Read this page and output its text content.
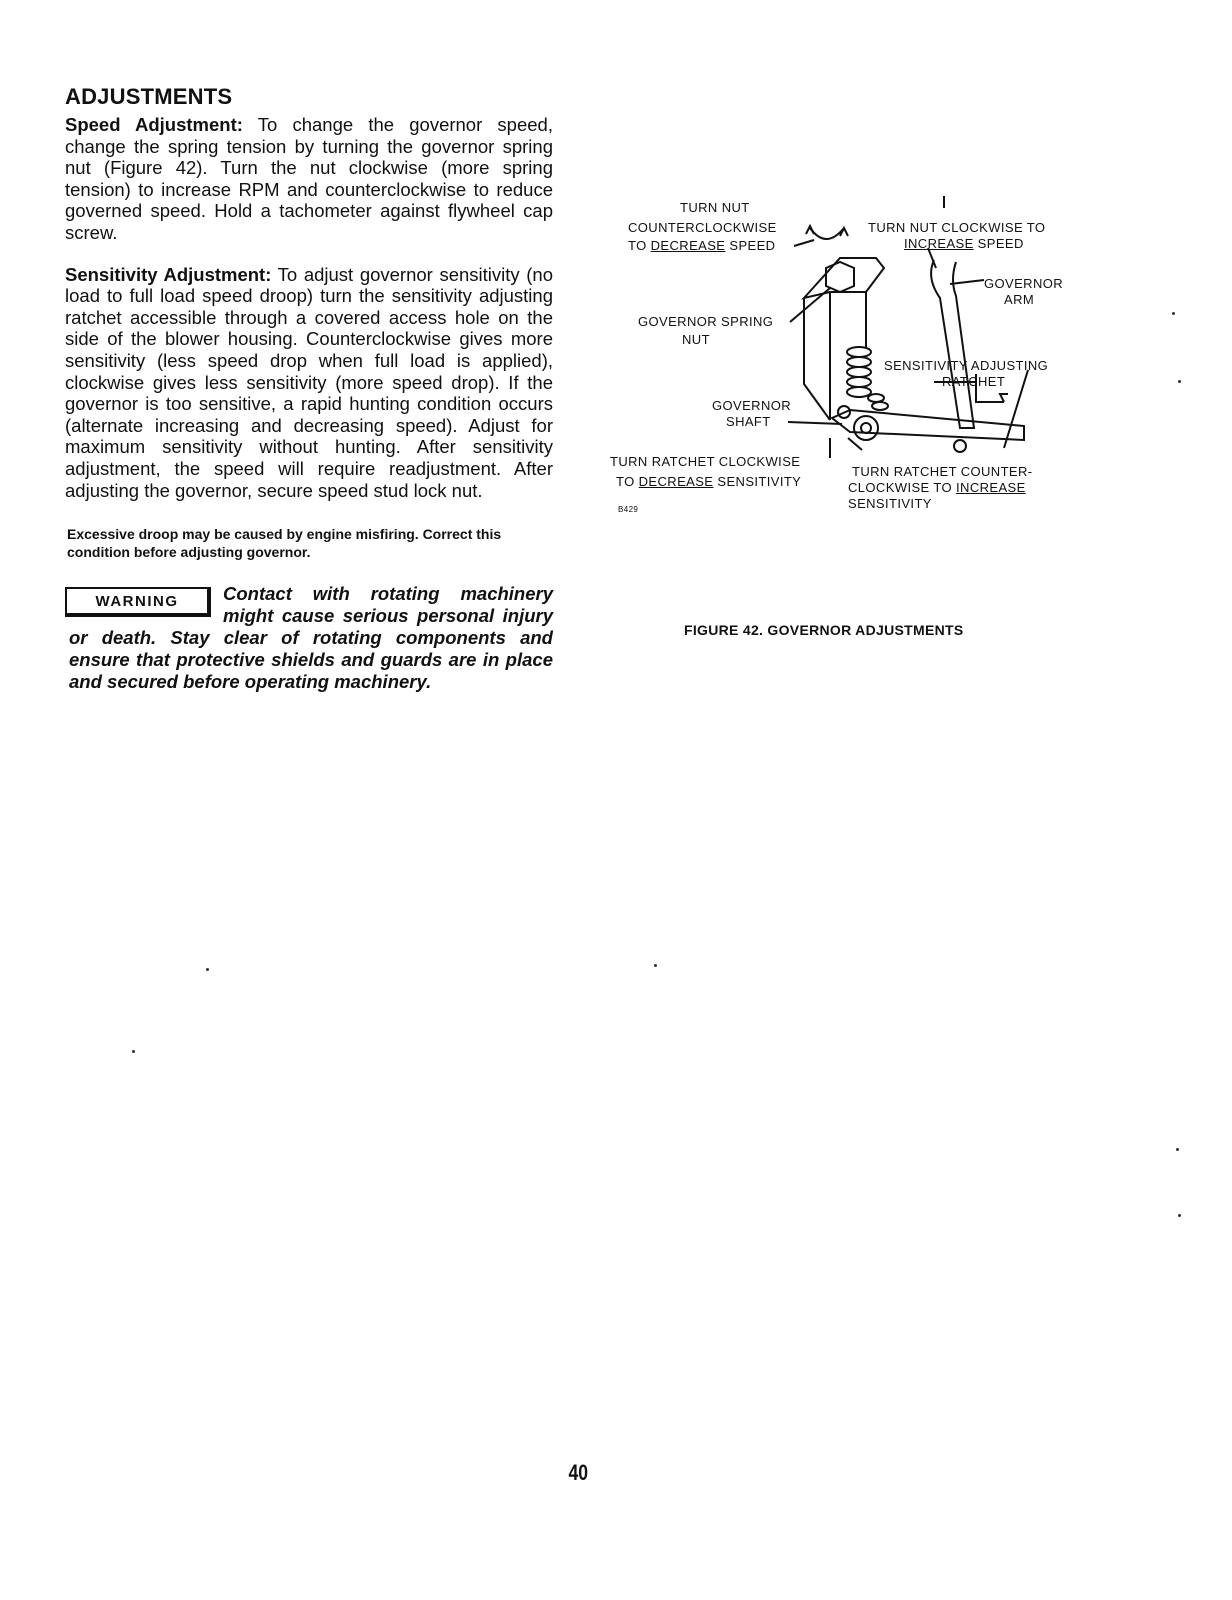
ADJUSTMENTS

Speed Adjustment: To change the governor speed, change the spring tension by turning the governor spring nut (Figure 42). Turn the nut clockwise (more spring tension) to increase RPM and counterclockwise to reduce governed speed. Hold a tachometer against flywheel cap screw.

Sensitivity Adjustment: To adjust governor sensitivity (no load to full load speed droop) turn the sensitivity adjusting ratchet accessible through a covered access hole on the side of the blower housing. Counterclockwise gives more sensitivity (less speed drop when full load is applied), clockwise gives less sensitivity (more speed drop). If the governor is too sensitive, a rapid hunting condition occurs (alternate increasing and decreasing speed). Adjust for maximum sensitivity without hunting. After sensitivity adjustment, the speed will require readjustment. After adjusting the governor, secure speed stud lock nut.

Excessive droop may be caused by engine misfiring. Correct this condition before adjusting governor.

WARNING	Contact with rotating machinery might cause serious personal injury or death. Stay clear of rotating components and ensure that protective shields and guards are in place and secured before operating machinery.

TURN NUT
COUNTERCLOCKWISE
TO DECREASE SPEED
TURN NUT CLOCKWISE TO
INCREASE SPEED
GOVERNOR
ARM
GOVERNOR SPRING
NUT
SENSITIVITY ADJUSTING
RATCHET
GOVERNOR
SHAFT
TURN RATCHET CLOCKWISE
TO DECREASE SENSITIVITY
TURN RATCHET COUNTER-
CLOCKWISE TO INCREASE
SENSITIVITY
B429
FIGURE 42. GOVERNOR ADJUSTMENTS
40
